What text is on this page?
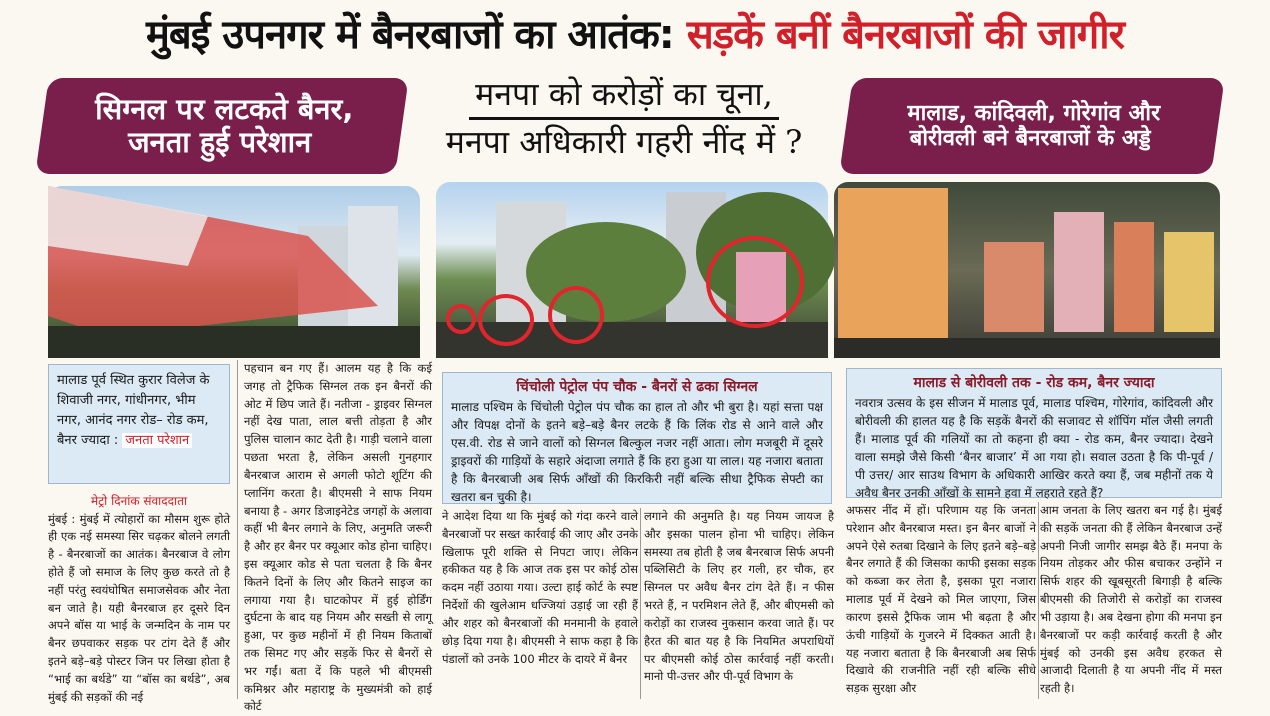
मुंबई उपनगर में बैनरबाजों का आतंक:
सड़कें बनीं बैनरबाजों की जागीर
सिग्नल पर लटकते बैनर,
जनता हुई परेशान
मनपा को करोड़ों का चूना,
मनपा अधिकारी गहरी नींद में ?
मालाड, कांदिवली, गोरेगांव और
बोरीवली बने बैनरबाजों के अड्डे
मालाड पूर्व स्थित कुरार विलेज के शिवाजी नगर, गांधीनगर, भीम नगर, आनंद नगर रोड– रोड कम, बैनर ज्यादा : जनता परेशान
चिंचोली पेट्रोल पंप चौक - बैनरों से ढका सिग्नल
मालाड पश्चिम के चिंचोली पेट्रोल पंप चौक का हाल तो और भी बुरा है। यहां सत्ता पक्ष और विपक्ष दोनों के इतने बड़े–बड़े बैनर लटके हैं कि लिंक रोड से आने वाले और एस.वी. रोड से जाने वालों को सिग्नल बिल्कुल नजर नहीं आता। लोग मजबूरी में दूसरे ड्राइवरों की गाड़ियों के सहारे अंदाजा लगाते हैं कि हरा हुआ या लाल। यह नजारा बताता है कि बैनरबाजी अब सिर्फ आँखों की किरकिरी नहीं बल्कि सीधा ट्रैफिक सेफ्टी का खतरा बन चुकी है।
मालाड से बोरीवली तक - रोड कम, बैनर ज्यादा
नवरात्र उत्सव के इस सीजन में मालाड पूर्व, मालाड पश्चिम, गोरेगांव, कांदिवली और बोरीवली की हालत यह है कि सड़कें बैनरों की सजावट से शॉपिंग मॉल जैसी लगती हैं। मालाड पूर्व की गलियों का तो कहना ही क्या - रोड कम, बैनर ज्यादा। देखने वाला समझे जैसे किसी ‘बैनर बाजार’ में आ गया हो। सवाल उठता है कि पी-पूर्व / पी उत्तर/ आर साउथ विभाग के अधिकारी आखिर करते क्या हैं, जब महीनों तक ये अवैध बैनर उनकी आँखों के सामने हवा में लहराते रहते हैं?
मेट्रो दिनांक संवाददाता
मुंबई : मुंबई में त्योहारों का मौसम शुरू होते ही एक नई समस्या सिर चढ़कर बोलने लगती है - बैनरबाजों का आतंक। बैनरबाज वे लोग होते हैं जो समाज के लिए कुछ करते तो है नहीं परंतु स्वयंघोषित समाजसेवक और नेता बन जाते है। यही बैनरबाज हर दूसरे दिन अपने बॉस या भाई के जन्मदिन के नाम पर बैनर छपवाकर सड़क पर टांग देते हैं और इतने बड़े–बड़े पोस्टर जिन पर लिखा होता है “भाई का बर्थडे” या “बॉस का बर्थडे”, अब मुंबई की सड़कों की नई
पहचान बन गए हैं। आलम यह है कि कई जगह तो ट्रैफिक सिग्नल तक इन बैनरों की ओट में छिप जाते हैं। नतीजा - ड्राइवर सिग्नल नहीं देख पाता, लाल बत्ती तोड़ता है और पुलिस चालान काट देती है। गाड़ी चलाने वाला पछता भरता है, लेकिन असली गुनहगार बैनरबाज आराम से अगली फोटो शूटिंग की प्लानिंग करता है। बीएमसी ने साफ नियम बनाया है - अगर डिजाइनेटेड जगहों के अलावा कहीं भी बैनर लगाने के लिए, अनुमति जरूरी है और हर बैनर पर क्यूआर कोड होना चाहिए। इस क्यूआर कोड से पता चलता है कि बैनर कितने दिनों के लिए और कितने साइज का लगाया गया है। घाटकोपर में हुई होर्डिंग दुर्घटना के बाद यह नियम और सख्ती से लागू हुआ, पर कुछ महीनों में ही नियम किताबों तक सिमट गए और सड़कें फिर से बैनरों से भर गईं। बता दें कि पहले भी बीएमसी कमिश्नर और महाराष्ट्र के मुख्यमंत्री को हाई कोर्ट
ने आदेश दिया था कि मुंबई को गंदा करने वाले बैनरबाजों पर सख्त कार्रवाई की जाए और उनके खिलाफ पूरी शक्ति से निपटा जाए। लेकिन हकीकत यह है कि आज तक इस पर कोई ठोस कदम नहीं उठाया गया। उल्टा हाई कोर्ट के स्पष्ट निर्देशों की खुलेआम धज्जियां उड़ाई जा रही हैं और शहर को बैनरबाजों की मनमानी के हवाले छोड़ दिया गया है। बीएमसी ने साफ कहा है कि पंडालों को उनके 100 मीटर के दायरे में बैनर
लगाने की अनुमति है। यह नियम जायज है और इसका पालन होना भी चाहिए। लेकिन समस्या तब होती है जब बैनरबाज सिर्फ अपनी पब्लिसिटी के लिए हर गली, हर चौक, हर सिग्नल पर अवैध बैनर टांग देते हैं। न फीस भरते हैं, न परमिशन लेते हैं, और बीएमसी को करोड़ों का राजस्व नुकसान करवा जाते हैं। पर हैरत की बात यह है कि नियमित अपराधियों पर बीएमसी कोई ठोस कार्रवाई नहीं करती। मानो पी-उत्तर और पी-पूर्व विभाग के
अफसर नींद में हों। परिणाम यह कि जनता परेशान और बैनरबाज मस्त। इन बैनर बाजों ने अपने ऐसे रुतबा दिखाने के लिए इतने बड़े–बड़े बैनर लगाते हैं की जिसका काफी इसका सड़क को कब्जा कर लेता है, इसका पूरा नजारा मालाड पूर्व में देखने को मिल जाएगा, जिस कारण इससे ट्रैफिक जाम भी बढ़ता है और ऊंची गाड़ियों के गुजरने में दिक्कत आती है। यह नजारा बताता है कि बैनरबाजी अब सिर्फ दिखावे की राजनीति नहीं रही बल्कि सीधे सड़क सुरक्षा और
आम जनता के लिए खतरा बन गई है। मुंबई की सड़कें जनता की हैं लेकिन बैनरबाज उन्हें अपनी निजी जागीर समझ बैठे हैं। मनपा के नियम तोड़कर और फीस बचाकर उन्होंने न सिर्फ शहर की खूबसूरती बिगाड़ी है बल्कि बीएमसी की तिजोरी से करोड़ों का राजस्व भी उड़ाया है। अब देखना होगा की मनपा इन बैनरबाजों पर कड़ी कार्रवाई करती है और मुंबई को उनकी इस अवैध हरकत से आजादी दिलाती है या अपनी नींद में मस्त रहती है।
